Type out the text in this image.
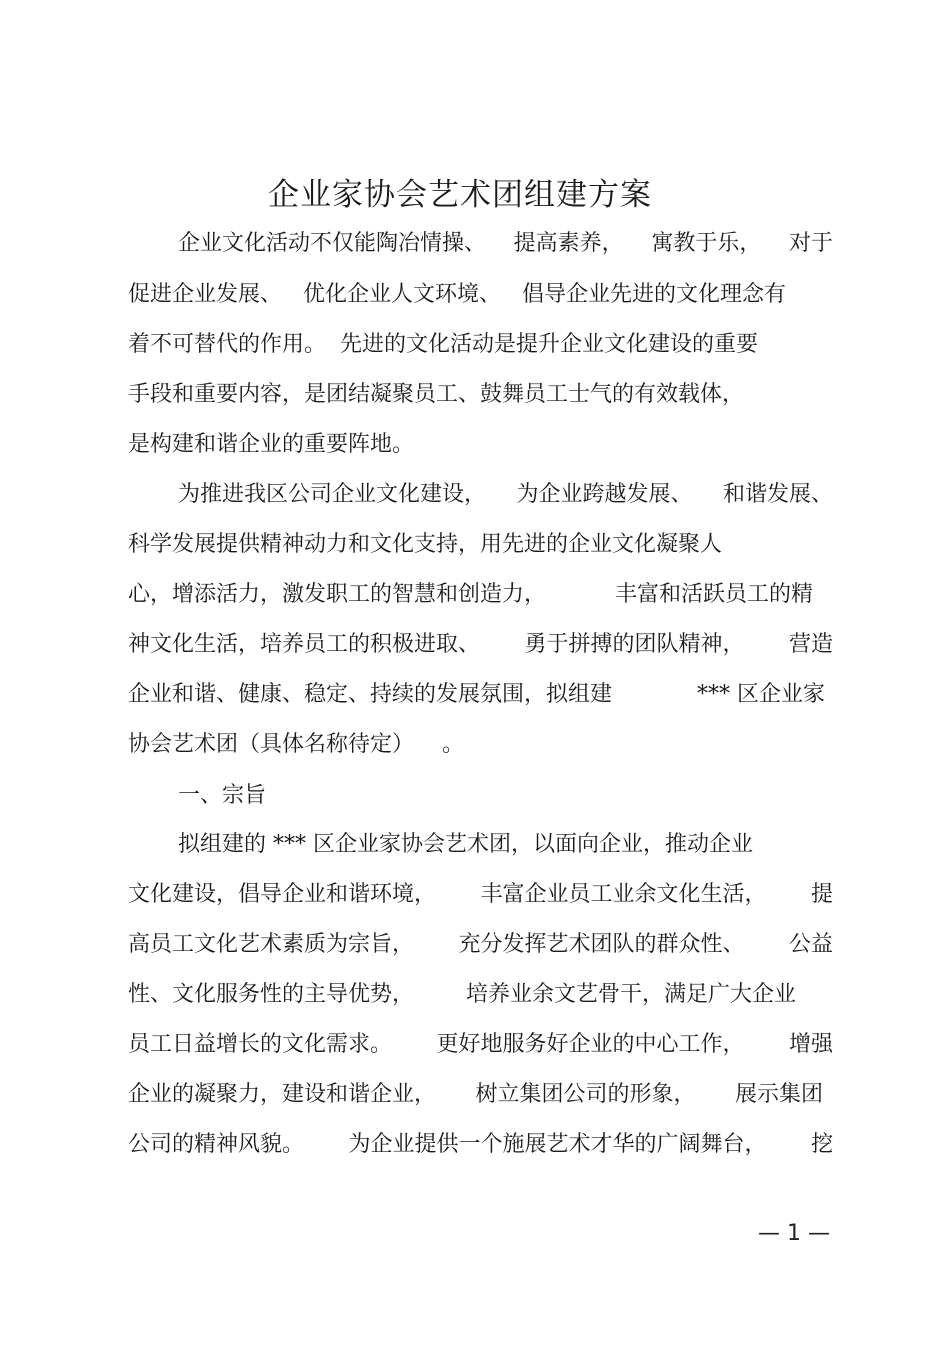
企业家协会艺术团组建方案
企业文化活动不仅能陶冶情操、 提高素养， 寓教于乐， 对于
促进企业发展、 优化企业人文环境、 倡导企业先进的文化理念有
着不可替代的作用。 先进的文化活动是提升企业文化建设的重要
手段和重要内容，是团结凝聚员工、鼓舞员工士气的有效载体，
是构建和谐企业的重要阵地。
为推进我区公司企业文化建设， 为企业跨越发展、 和谐发展、
科学发展提供精神动力和文化支持，用先进的企业文化凝聚人
心，增添活力，激发职工的智慧和创造力，	丰富和活跃员工的精
神文化生活，培养员工的积极进取、 勇于拼搏的团队精神， 营造
企业和谐、健康、稳定、持续的发展氛围，拟组建	*** 区企业家
协会艺术团（具体名称待定） 。
一、宗旨
拟组建的 *** 区企业家协会艺术团，以面向企业，推动企业
文化建设，倡导企业和谐环境， 丰富企业员工业余文化生活， 提
高员工文化艺术素质为宗旨， 充分发挥艺术团队的群众性、 公益
性、文化服务性的主导优势， 培养业余文艺骨干，满足广大企业
员工日益增长的文化需求。 更好地服务好企业的中心工作， 增强
企业的凝聚力，建设和谐企业， 树立集团公司的形象， 展示集团
公司的精神风貌。 为企业提供一个施展艺术才华的广阔舞台， 挖
— 1 —
